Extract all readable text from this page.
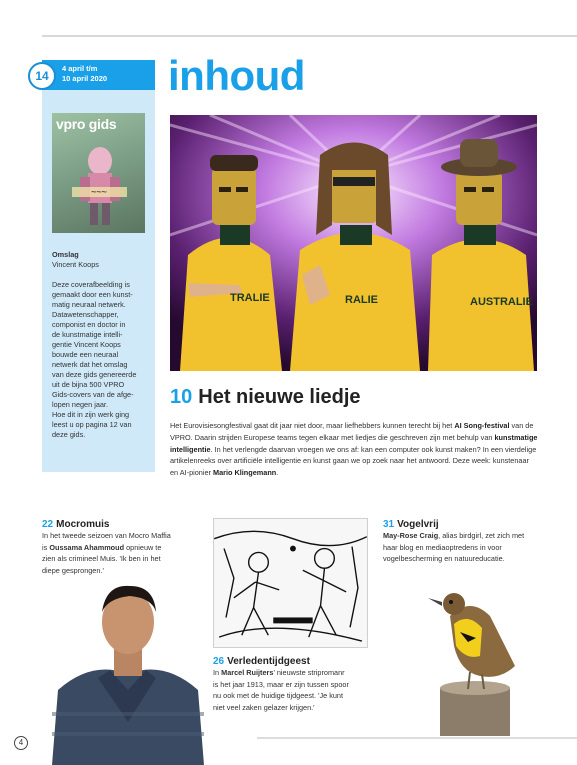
4 april t/m
10 april 2020
14	inhoud
vpro gids
~~~
Omslag
Vincent Koops

Deze coverafbeelding is
gemaakt door een kunst-
matig neuraal netwerk.
Datawetenschapper,
componist en doctor in
de kunstmatige intelli-
gentie Vincent Koops
bouwde een neuraal
netwerk dat het omslag
van deze gids genereerde
uit de bijna 500 VPRO
Gids-covers van de afge-
lopen negen jaar.
Hoe dit in zijn werk ging
leest u op pagina 12 van
deze gids.

AUSTRALIE
RALIE
TRALIE
10 Het nieuwe liedje
Het Eurovisiesongfestival gaat dit jaar niet door, maar liefhebbers kunnen terecht bij het AI Song-festival van de VPRO. Daarin strijden Europese teams tegen elkaar met liedjes die geschreven zijn met behulp van kunstmatige intelligentie. In het verlengde daarvan vroegen we ons af: kan een computer ook kunst maken? In een vierdelige artikelenreeks over artificiële intelligentie en kunst gaan we op zoek naar het antwoord. Deze week: kunstenaar en AI-pionier Mario Klingemann.
22 Mocromuis
In het tweede seizoen van Mocro Maffia
is Oussama Ahammoud opnieuw te
zien als crimineel Muis. 'Ik ben in het
diepe gesprongen.'
26 Verledentijdgeest
In Marcel Ruijters' nieuwste stripromanr
is het jaar 1913, maar er zijn tussen spoor
nu ook met de huidige tijdgeest. 'Je kunt
niet veel zaken gelazer krijgen.'
31 Vogelvrij
May-Rose Craig, alias birdgirl, zet zich met
haar blog en mediaoptredens in voor
vogelbescherming en natuureducatie.
4
